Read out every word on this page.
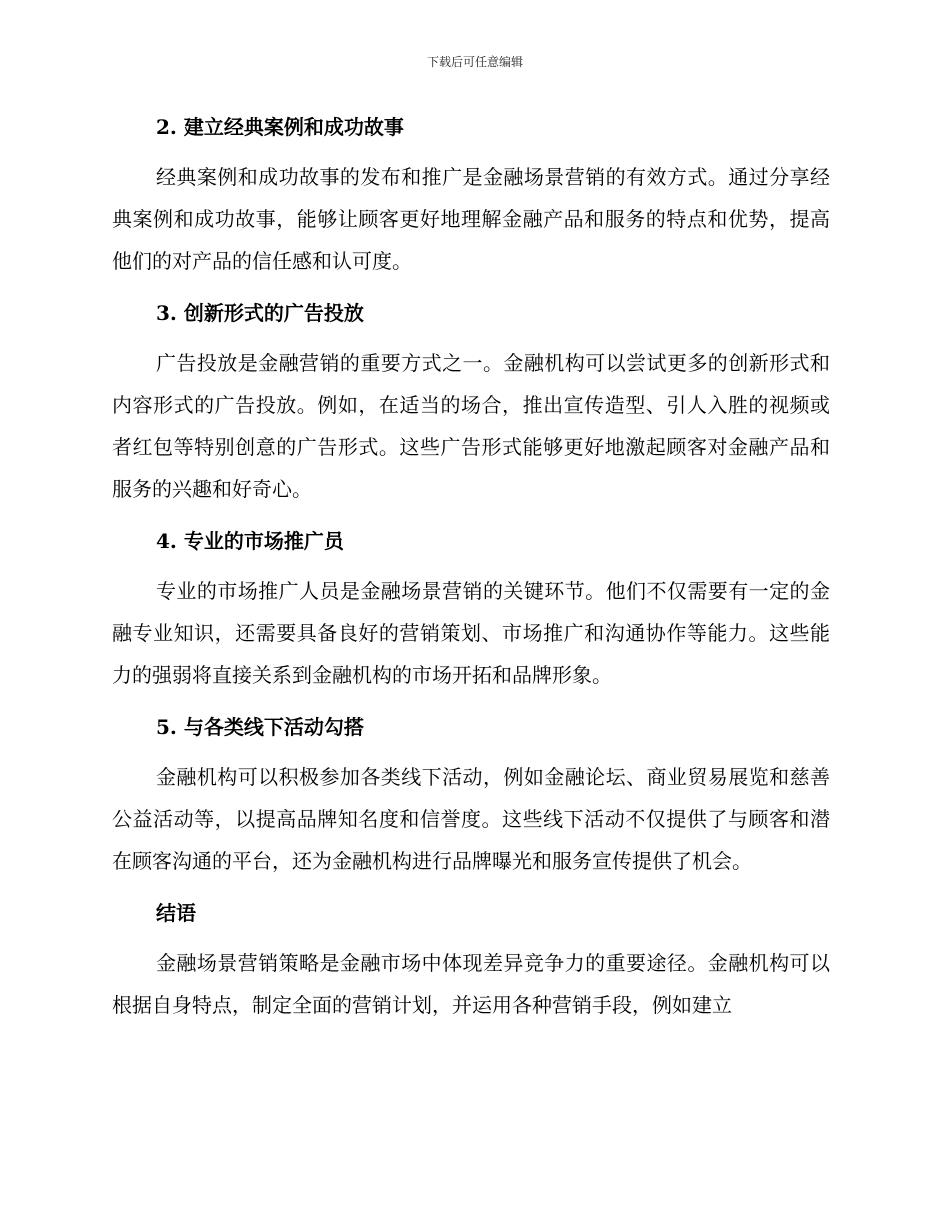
下载后可任意编辑
2. 建立经典案例和成功故事

经典案例和成功故事的发布和推广是金融场景营销的有效方式。通过分享经典案例和成功故事，能够让顾客更好地理解金融产品和服务的特点和优势，提高他们的对产品的信任感和认可度。

3. 创新形式的广告投放

广告投放是金融营销的重要方式之一。金融机构可以尝试更多的创新形式和内容形式的广告投放。例如，在适当的场合，推出宣传造型、引人入胜的视频或者红包等特别创意的广告形式。这些广告形式能够更好地激起顾客对金融产品和服务的兴趣和好奇心。

4. 专业的市场推广员

专业的市场推广人员是金融场景营销的关键环节。他们不仅需要有一定的金融专业知识，还需要具备良好的营销策划、市场推广和沟通协作等能力。这些能力的强弱将直接关系到金融机构的市场开拓和品牌形象。

5. 与各类线下活动勾搭

金融机构可以积极参加各类线下活动，例如金融论坛、商业贸易展览和慈善公益活动等，以提高品牌知名度和信誉度。这些线下活动不仅提供了与顾客和潜在顾客沟通的平台，还为金融机构进行品牌曝光和服务宣传提供了机会。

结语

金融场景营销策略是金融市场中体现差异竞争力的重要途径。金融机构可以根据自身特点，制定全面的营销计划，并运用各种营销手段，例如建立
